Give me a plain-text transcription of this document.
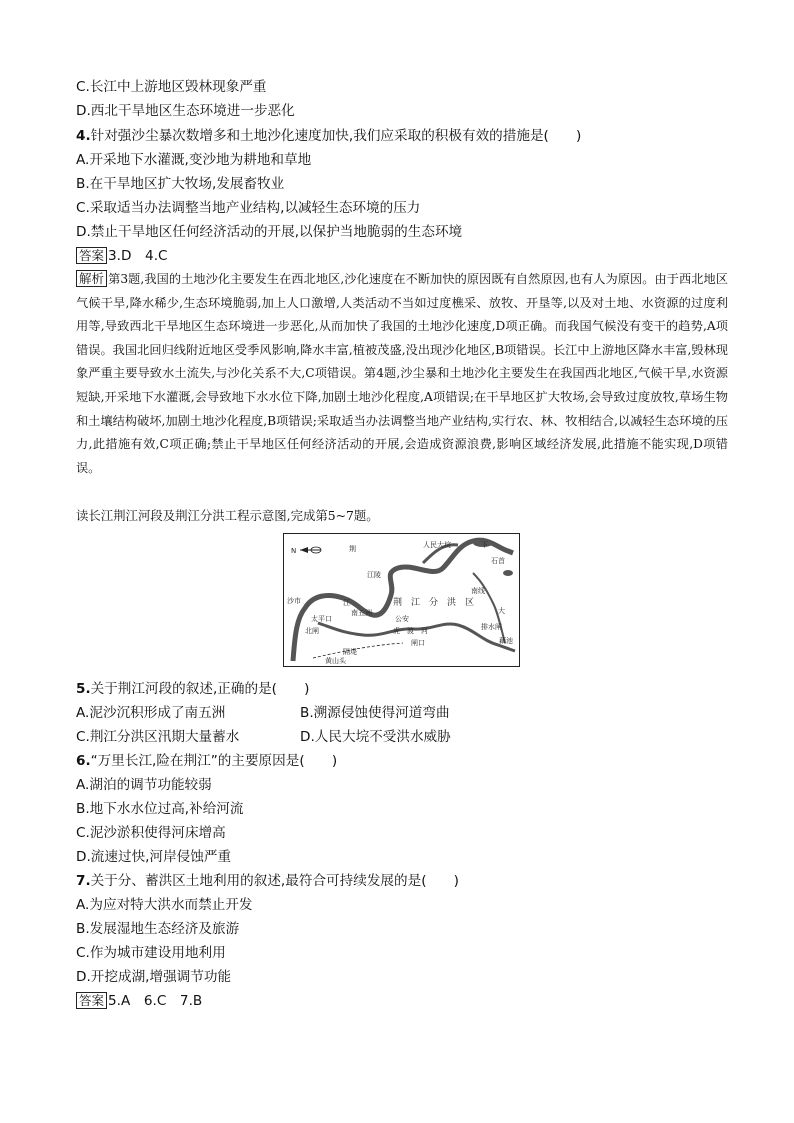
C.长江中上游地区毁林现象严重
D.西北干旱地区生态环境进一步恶化
4.针对强沙尘暴次数增多和土地沙化速度加快,我们应采取的积极有效的措施是(　　)
A.开采地下水灌溉,变沙地为耕地和草地
B.在干旱地区扩大牧场,发展畜牧业
C.采取适当办法调整当地产业结构,以减轻生态环境的压力
D.禁止干旱地区任何经济活动的开展,以保护当地脆弱的生态环境
答案 3.D　4.C
解析 第3题,我国的土地沙化主要发生在西北地区,沙化速度在不断加快的原因既有自然原因,也有人为原因。由于西北地区气候干旱,降水稀少,生态环境脆弱,加上人口激增,人类活动不当如过度樵采、放牧、开垦等,以及对土地、水资源的过度利用等,导致西北干旱地区生态环境进一步恶化,从而加快了我国的土地沙化速度,D项正确。而我国气候没有变干的趋势,A项错误。我国北回归线附近地区受季风影响,降水丰富,植被茂盛,没出现沙化地区,B项错误。长江中上游地区降水丰富,毁林现象严重主要导致水土流失,与沙化关系不大,C项错误。第4题,沙尘暴和土地沙化主要发生在我国西北地区,气候干旱,水资源短缺,开采地下水灌溉,会导致地下水水位下降,加剧土地沙化程度,A项错误;在干旱地区扩大牧场,会导致过度放牧,草场生物和土壤结构破坏,加剧土地沙化程度,B项错误;采取适当办法调整当地产业结构,实行农、林、牧相结合,以减轻生态环境的压力,此措施有效,C项正确;禁止干旱地区任何经济活动的开展,会造成资源浪费,影响区域经济发展,此措施不能实现,D项错误。
读长江荆江河段及荆江分洪工程示意图,完成第5~7题。
N	荆
沙市
江陵
江
太平口
南五洲
荆　江　分　洪　区
公安
闸口
人民大垸	下
石首
南线
大
排水闸
藕池
虎　渡　河
北闸
隔堤
黄山头
5.关于荆江河段的叙述,正确的是(　　)
A.泥沙沉积形成了南五洲	B.溯源侵蚀使得河道弯曲
C.荆江分洪区汛期大量蓄水	D.人民大垸不受洪水威胁
6.“万里长江,险在荆江”的主要原因是(　　)
A.湖泊的调节功能较弱
B.地下水水位过高,补给河流
C.泥沙淤积使得河床增高
D.流速过快,河岸侵蚀严重
7.关于分、蓄洪区土地利用的叙述,最符合可持续发展的是(　　)
A.为应对特大洪水而禁止开发
B.发展湿地生态经济及旅游
C.作为城市建设用地利用
D.开挖成湖,增强调节功能
答案 5.A　6.C　7.B
